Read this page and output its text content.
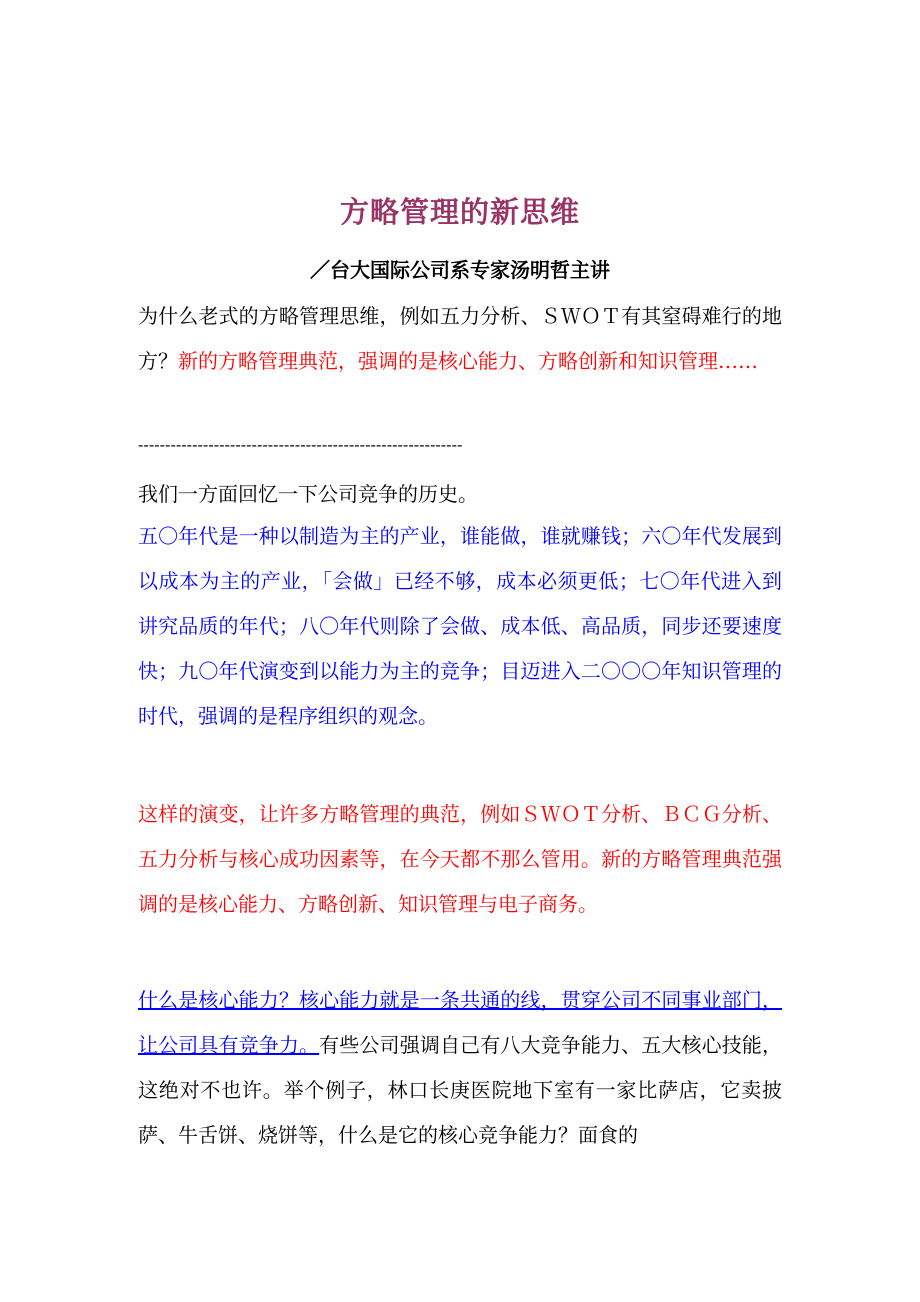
方略管理的新思维
／台大国际公司系专家汤明哲主讲
为什么老式的方略管理思维，例如五力分析、ＳＷＯＴ有其窒碍难行的地方？新的方略管理典范，强调的是核心能力、方略创新和知识管理……
------------------------------------------------------------
我们一方面回忆一下公司竞争的历史。
五〇年代是一种以制造为主的产业，谁能做，谁就赚钱；六〇年代发展到以成本为主的产业，「会做」已经不够，成本必须更低；七〇年代进入到讲究品质的年代；八〇年代则除了会做、成本低、高品质，同步还要速度快；九〇年代演变到以能力为主的竞争；目迈进入二〇〇〇年知识管理的时代，强调的是程序组织的观念。
这样的演变，让许多方略管理的典范，例如ＳＷＯＴ分析、ＢＣＧ分析、五力分析与核心成功因素等，在今天都不那么管用。新的方略管理典范强调的是核心能力、方略创新、知识管理与电子商务。
什么是核心能力？核心能力就是一条共通的线，贯穿公司不同事业部门，让公司具有竞争力。有些公司强调自己有八大竞争能力、五大核心技能，这绝对不也许。举个例子，林口长庚医院地下室有一家比萨店，它卖披萨、牛舌饼、烧饼等，什么是它的核心竞争能力？面食的
